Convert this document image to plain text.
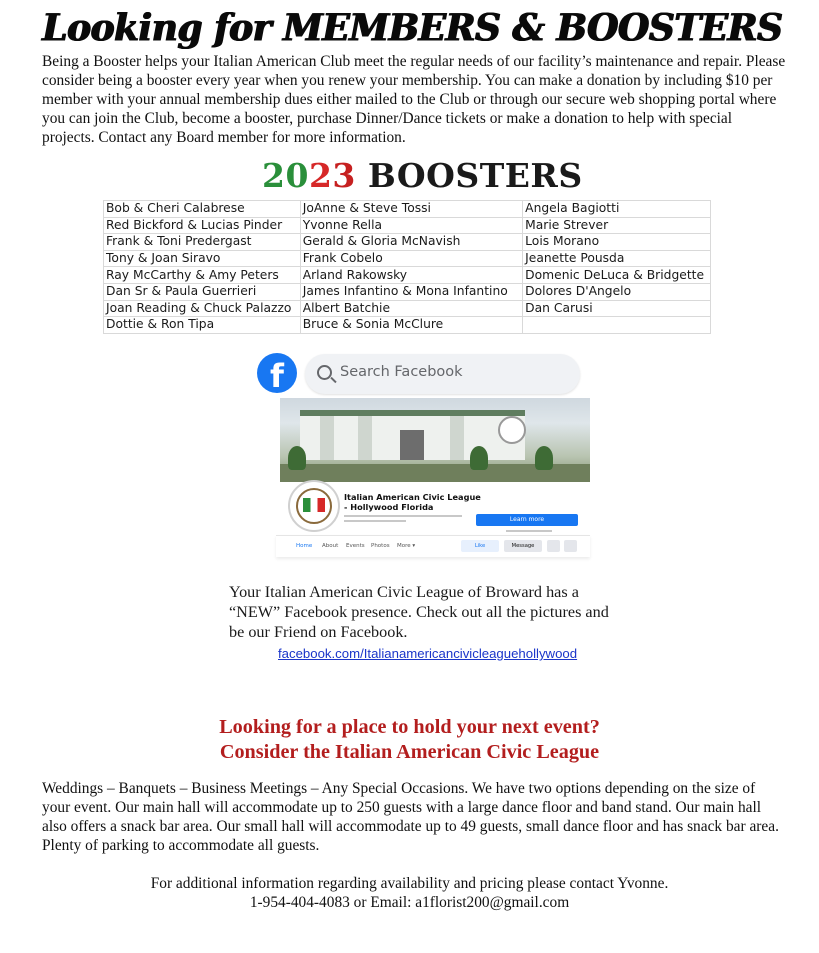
Looking for MEMBERS & BOOSTERS

Being a Booster helps your Italian American Club meet the regular needs of our facility’s maintenance and repair. Please consider being a booster every year when you renew your membership. You can make a donation by including $10 per member with your annual membership dues either mailed to the Club or through our secure web shopping portal where you can join the Club, become a booster, purchase Dinner/Dance tickets or make a donation to help with special projects. Contact any Board member for more information.

2023 BOOSTERS
Bob & Cheri Calabrese	JoAnne & Steve Tossi	Angela Bagiotti
Red Bickford & Lucias Pinder	Yvonne Rella	Marie Strever
Frank & Toni Predergast	Gerald & Gloria McNavish	Lois Morano
Tony & Joan Siravo	Frank Cobelo	Jeanette Pousda
Ray McCarthy & Amy Peters	Arland Rakowsky	Domenic DeLuca & Bridgette
Dan Sr & Paula Guerrieri	James Infantino & Mona Infantino	Dolores D'Angelo
Joan Reading & Chuck Palazzo	Albert Batchie	Dan Carusi
Dottie & Ron Tipa	Bruce & Sonia McClure	
f	Search Facebook
Italian American Civic League - Hollywood Florida
Learn more
Home About Events Photos More ▾	Like	Message

Your Italian American Civic League of Broward has a “NEW” Facebook presence. Check out all the pictures and be our Friend on Facebook.

facebook.com/Italianamericancivicleaguehollywood
Looking for a place to hold your next event?
Consider the Italian American Civic League

Weddings – Banquets – Business Meetings – Any Special Occasions. We have two options depending on the size of your event. Our main hall will accommodate up to 250 guests with a large dance floor and band stand. Our main hall also offers a snack bar area. Our small hall will accommodate up to 49 guests, small dance floor and has snack bar area. Plenty of parking to accommodate all guests.

For additional information regarding availability and pricing please contact Yvonne.
1-954-404-4083 or Email: a1florist200@gmail.com
